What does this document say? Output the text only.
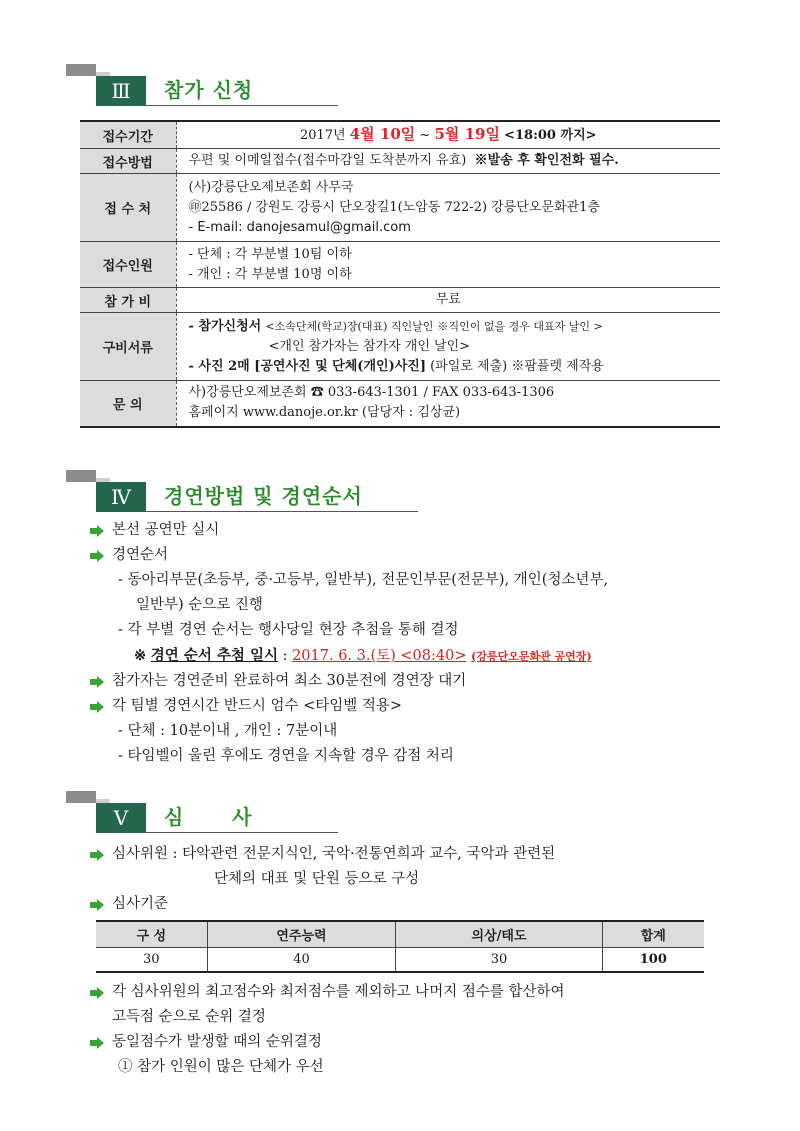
Ⅲ	참가 신청
접수기간	2017년 4월 10일 ~ 5월 19일 <18:00 까지>
접수방법	우편 및 이메일접수(접수마감일 도착분까지 유효) ※발송 후 확인전화 필수.
접 수 처	(사)강릉단오제보존회 사무국
㊞25586 / 강원도 강릉시 단오장길1(노암동 722-2) 강릉단오문화관1층
- E-mail: danojesamul@gmail.com

접수인원	- 단체 : 각 부분별 10팀 이하
- 개인 : 각 부분별 10명 이하

참 가 비	무료
구비서류	- 참가신청서 <소속단체(학교)장(대표) 직인날인 ※직인이 없을 경우 대표자 날인 >
<개인 참가자는 참가자 개인 날인>
- 사진 2매 [공연사진 및 단체(개인)사진] (파일로 제출) ※팜플렛 제작용

문 의	사)강릉단오제보존회 ☎ 033-643-1301 / FAX 033-643-1306
홈페이지 www.danoje.or.kr (담당자 : 김상균)
Ⅳ	경연방법 및 경연순서
본선 공연만 실시
경연순서
- 동아리부문(초등부, 중·고등부, 일반부), 전문인부문(전문부), 개인(청소년부,
일반부) 순으로 진행
- 각 부별 경연 순서는 행사당일 현장 추첨을 통해 결정
※ 경연 순서 추첨 일시 : 2017. 6. 3.(토) <08:40> (강릉단오문화관 공연장)
참가자는 경연준비 완료하여 최소 30분전에 경연장 대기
각 팀별 경연시간 반드시 엄수 <타임벨 적용>
- 단체 : 10분이내 , 개인 : 7분이내
- 타임벨이 울린 후에도 경연을 지속할 경우 감점 처리
Ⅴ	심      사
심사위원 : 타악관련 전문지식인, 국악·전통연희과 교수, 국악과 관련된
단체의 대표 및 단원 등으로 구성
심사기준
구 성	연주능력	의상/태도	합계
30	40	30	100
각 심사위원의 최고점수와 최저점수를 제외하고 나머지 점수를 합산하여
고득점 순으로 순위 결정
동일점수가 발생할 때의 순위결정
① 참가 인원이 많은 단체가 우선
